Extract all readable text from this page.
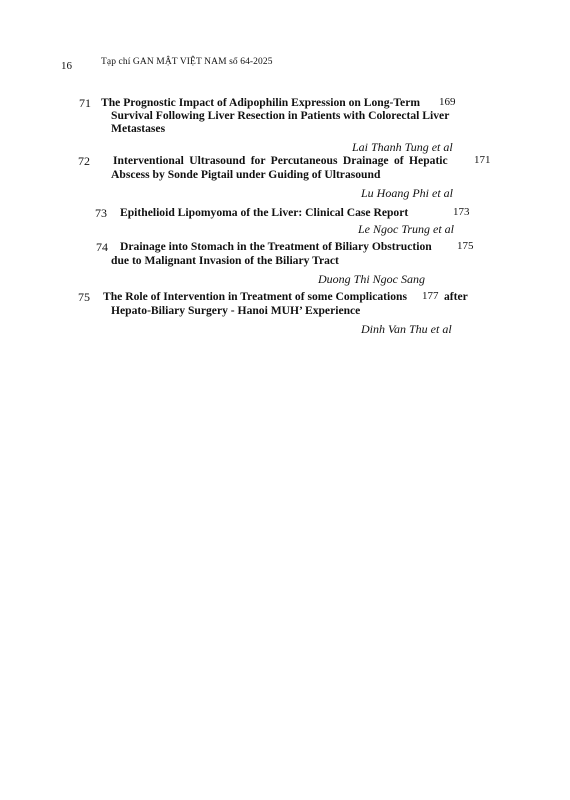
16	Tạp chí GAN MẬT VIỆT NAM số 64-2025
71 The Prognostic Impact of Adipophilin Expression on Long-Term 169
Survival Following Liver Resection in Patients with Colorectal Liver
Metastases
Lai Thanh Tung et al
72 Interventional Ultrasound for Percutaneous Drainage of Hepatic 171
Abscess by Sonde Pigtail under Guiding of Ultrasound
Lu Hoang Phi et al
73 Epithelioid Lipomyoma of the Liver: Clinical Case Report	173
Le Ngoc Trung et al
74 Drainage into Stomach in the Treatment of Biliary Obstruction 175
due to Malignant Invasion of the Biliary Tract
Duong Thi Ngoc Sang
75 The Role of Intervention in Treatment of some Complications 177 after
Hepato-Biliary Surgery - Hanoi MUH’ Experience
Dinh Van Thu et al
